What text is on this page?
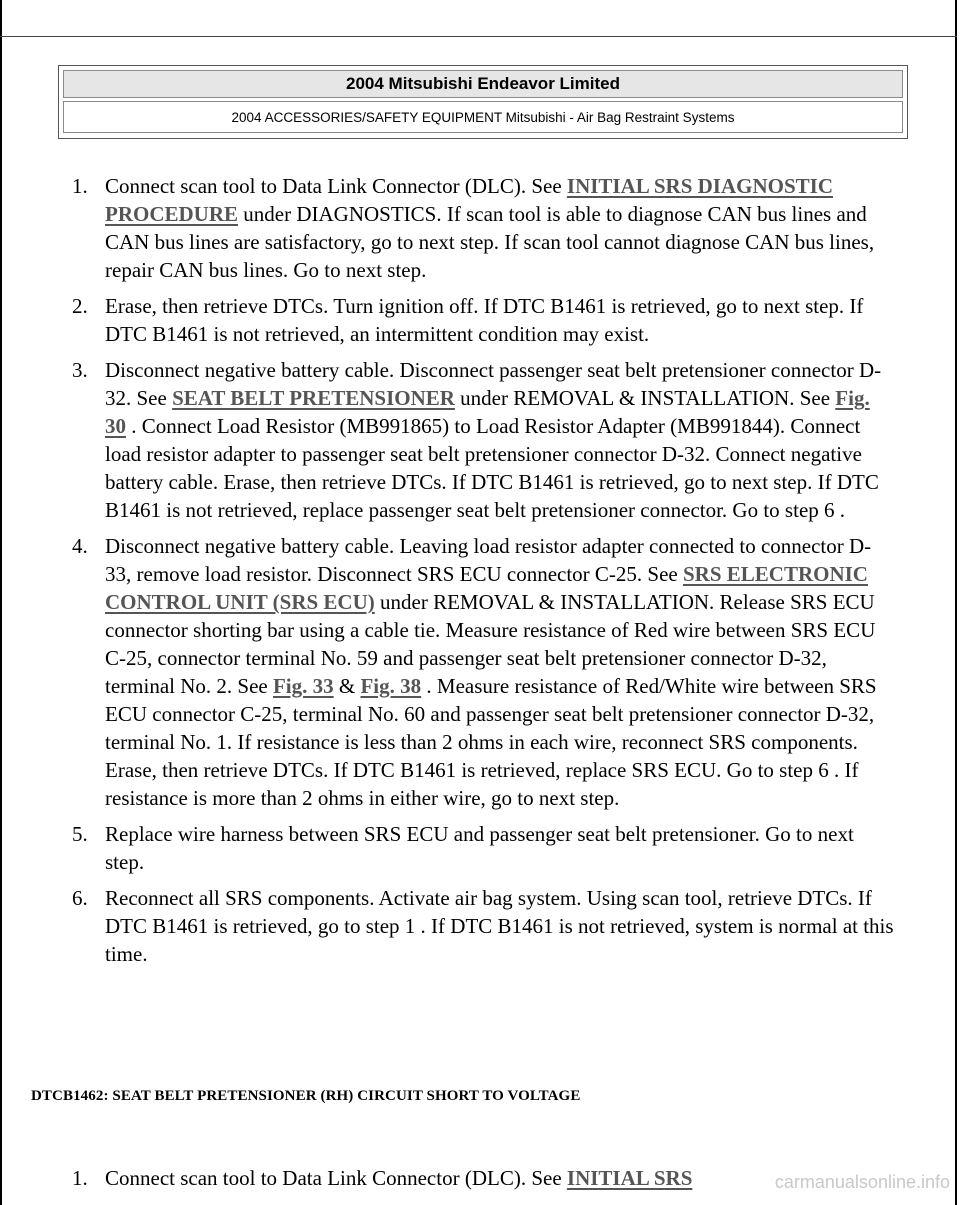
2004 Mitsubishi Endeavor Limited
2004 ACCESSORIES/SAFETY EQUIPMENT Mitsubishi - Air Bag Restraint Systems
1. Connect scan tool to Data Link Connector (DLC). See INITIAL SRS DIAGNOSTIC PROCEDURE under DIAGNOSTICS. If scan tool is able to diagnose CAN bus lines and CAN bus lines are satisfactory, go to next step. If scan tool cannot diagnose CAN bus lines, repair CAN bus lines. Go to next step.
2. Erase, then retrieve DTCs. Turn ignition off. If DTC B1461 is retrieved, go to next step. If DTC B1461 is not retrieved, an intermittent condition may exist.
3. Disconnect negative battery cable. Disconnect passenger seat belt pretensioner connector D-32. See SEAT BELT PRETENSIONER under REMOVAL & INSTALLATION. See Fig. 30 . Connect Load Resistor (MB991865) to Load Resistor Adapter (MB991844). Connect load resistor adapter to passenger seat belt pretensioner connector D-32. Connect negative battery cable. Erase, then retrieve DTCs. If DTC B1461 is retrieved, go to next step. If DTC B1461 is not retrieved, replace passenger seat belt pretensioner connector. Go to step 6 .
4. Disconnect negative battery cable. Leaving load resistor adapter connected to connector D-33, remove load resistor. Disconnect SRS ECU connector C-25. See SRS ELECTRONIC CONTROL UNIT (SRS ECU) under REMOVAL & INSTALLATION. Release SRS ECU connector shorting bar using a cable tie. Measure resistance of Red wire between SRS ECU C-25, connector terminal No. 59 and passenger seat belt pretensioner connector D-32, terminal No. 2. See Fig. 33 & Fig. 38 . Measure resistance of Red/White wire between SRS ECU connector C-25, terminal No. 60 and passenger seat belt pretensioner connector D-32, terminal No. 1. If resistance is less than 2 ohms in each wire, reconnect SRS components. Erase, then retrieve DTCs. If DTC B1461 is retrieved, replace SRS ECU. Go to step 6 . If resistance is more than 2 ohms in either wire, go to next step.
5. Replace wire harness between SRS ECU and passenger seat belt pretensioner. Go to next step.
6. Reconnect all SRS components. Activate air bag system. Using scan tool, retrieve DTCs. If DTC B1461 is retrieved, go to step 1 . If DTC B1461 is not retrieved, system is normal at this time.
DTCB1462: SEAT BELT PRETENSIONER (RH) CIRCUIT SHORT TO VOLTAGE
1. Connect scan tool to Data Link Connector (DLC). See INITIAL SRS	carmanualsonline.info
